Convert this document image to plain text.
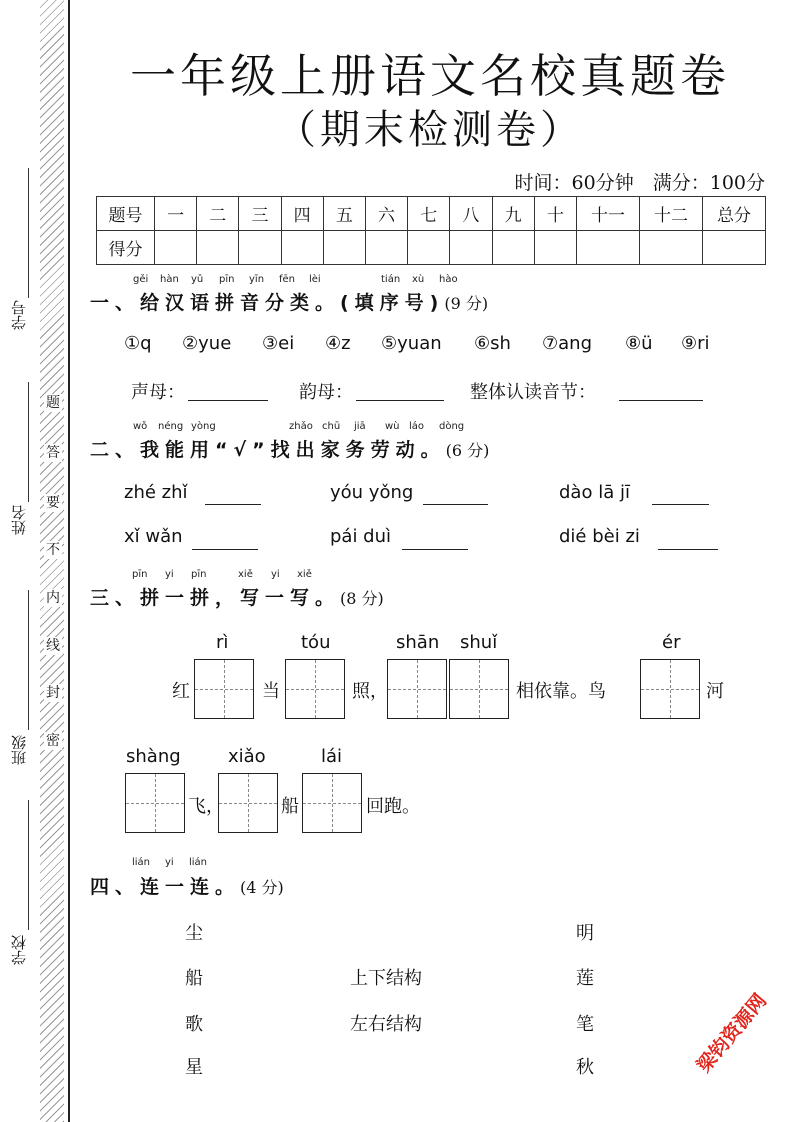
题
答
要
不
内
线
封
密
学号
姓名
班级
学校
一年级上册语文名校真题卷
（期末检测卷）
时间：60分钟　满分：100分
题号	一	二	三	四	五	六	七	八	九	十	十一	十二	总分
得分													
gěi hàn yǔ pīn yīn fēn lèi	tián xù hào
一、给汉语拼音分类。(填序号)(9 分)
①q ②yue ③ei ④z ⑤yuan ⑥sh ⑦ang ⑧ü ⑨ri
声母：	韵母：	整体认读音节：
wǒ néng yòng	zhǎo chū jiā wù láo dòng
二、我能用“√”找出家务劳动。(6 分)
zhé zhǐ	yóu yǒng	dào lā jī
xǐ wǎn	pái duì	dié bèi zi
pīn yi pīn	xiě yi xiě
三、拼一拼，写一写。(8 分)
rì	tóu	shān shuǐ	ér
红	当	照，	相依靠。鸟	河
shàng	xiǎo	lái
飞，	船	回跑。
lián yi lián
四、连一连。(4 分)
尘
船
歌
星
上下结构
左右结构
明
莲
笔
秋	梁钧资源网
